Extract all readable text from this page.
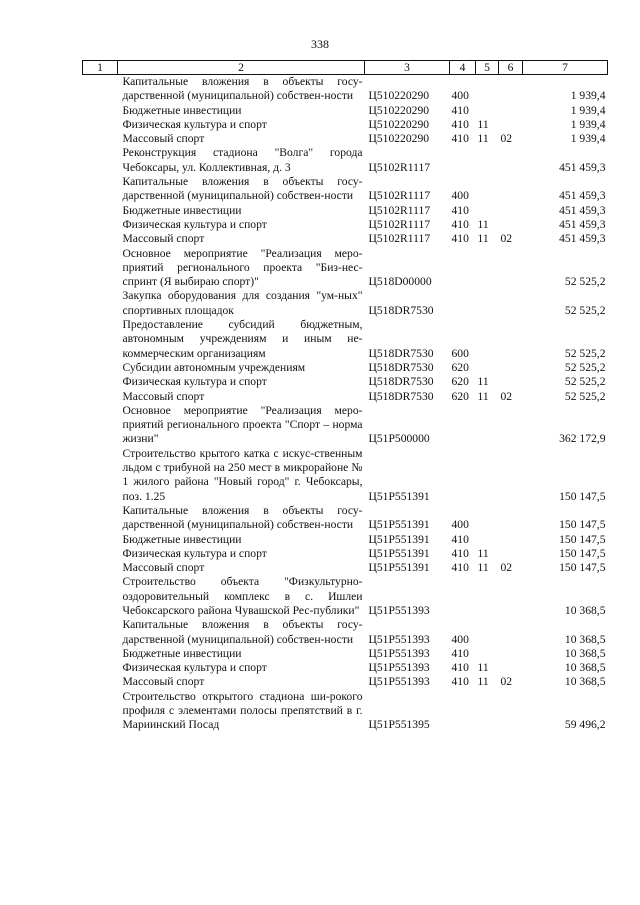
338
1	2	3	4	5	6	7
	Капитальные вложения в объекты госу-дарственной (муниципальной) собствен-ности	Ц510220290	400			1 939,4
	Бюджетные инвестиции	Ц510220290	410			1 939,4
	Физическая культура и спорт	Ц510220290	410	11		1 939,4
	Массовый спорт	Ц510220290	410	11	02	1 939,4
	Реконструкция стадиона "Волга" города Чебоксары, ул. Коллективная, д. 3	Ц5102R1117				451 459,3
	Капитальные вложения в объекты госу-дарственной (муниципальной) собствен-ности	Ц5102R1117	400			451 459,3
	Бюджетные инвестиции	Ц5102R1117	410			451 459,3
	Физическая культура и спорт	Ц5102R1117	410	11		451 459,3
	Массовый спорт	Ц5102R1117	410	11	02	451 459,3
	Основное мероприятие "Реализация меро-приятий регионального проекта "Биз-нес-спринт (Я выбираю спорт)"	Ц518D00000				52 525,2
	Закупка оборудования для создания "ум-ных" спортивных площадок	Ц518DR7530				52 525,2
	Предоставление субсидий бюджетным, автономным учреждениям и иным не-коммерческим организациям	Ц518DR7530	600			52 525,2
	Субсидии автономным учреждениям	Ц518DR7530	620			52 525,2
	Физическая культура и спорт	Ц518DR7530	620	11		52 525,2
	Массовый спорт	Ц518DR7530	620	11	02	52 525,2
	Основное мероприятие "Реализация меро-приятий регионального проекта "Спорт – норма жизни"	Ц51P500000				362 172,9
	Строительство крытого катка с искус-ственным льдом с трибуной на 250 мест в микрорайоне № 1 жилого района "Новый город" г. Чебоксары, поз. 1.25	Ц51P551391				150 147,5
	Капитальные вложения в объекты госу-дарственной (муниципальной) собствен-ности	Ц51P551391	400			150 147,5
	Бюджетные инвестиции	Ц51P551391	410			150 147,5
	Физическая культура и спорт	Ц51P551391	410	11		150 147,5
	Массовый спорт	Ц51P551391	410	11	02	150 147,5
	Строительство объекта "Физкультурно-оздоровительный комплекс в с. Ишлеи Чебоксарского района Чувашской Рес-публики"	Ц51P551393				10 368,5
	Капитальные вложения в объекты госу-дарственной (муниципальной) собствен-ности	Ц51P551393	400			10 368,5
	Бюджетные инвестиции	Ц51P551393	410			10 368,5
	Физическая культура и спорт	Ц51P551393	410	11		10 368,5
	Массовый спорт	Ц51P551393	410	11	02	10 368,5
	Строительство открытого стадиона ши-рокого профиля с элементами полосы препятствий в г. Мариинский Посад	Ц51P551395				59 496,2
